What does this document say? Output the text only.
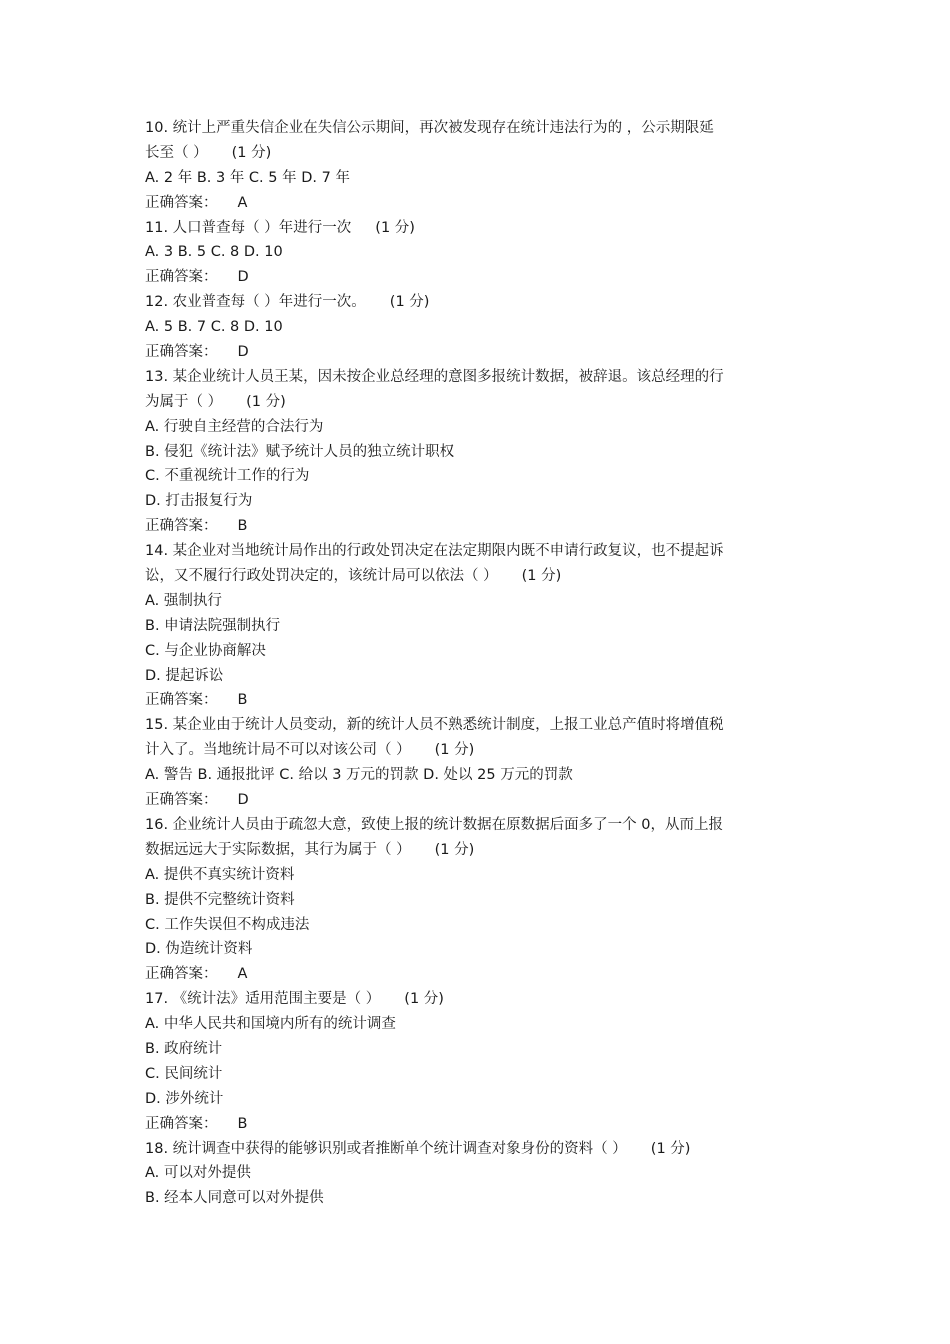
10. 统计上严重失信企业在失信公示期间，再次被发现存在统计违法行为的 ，公示期限延
长至（ ） (1 分)
A. 2 年 B. 3 年 C. 5 年 D. 7 年
正确答案： A
11. 人口普查每（ ）年进行一次 (1 分)
A. 3 B. 5 C. 8 D. 10
正确答案： D
12. 农业普查每（ ）年进行一次。 (1 分)
A. 5 B. 7 C. 8 D. 10
正确答案： D
13. 某企业统计人员王某，因未按企业总经理的意图多报统计数据，被辞退。该总经理的行
为属于（ ） (1 分)
A. 行驶自主经营的合法行为
B. 侵犯《统计法》赋予统计人员的独立统计职权
C. 不重视统计工作的行为
D. 打击报复行为
正确答案： B
14. 某企业对当地统计局作出的行政处罚决定在法定期限内既不申请行政复议，也不提起诉
讼，又不履行行政处罚决定的，该统计局可以依法（ ） (1 分)
A. 强制执行
B. 申请法院强制执行
C. 与企业协商解决
D. 提起诉讼
正确答案： B
15. 某企业由于统计人员变动，新的统计人员不熟悉统计制度，上报工业总产值时将增值税
计入了。当地统计局不可以对该公司（ ） (1 分)
A. 警告 B. 通报批评 C. 给以 3 万元的罚款 D. 处以 25 万元的罚款
正确答案： D
16. 企业统计人员由于疏忽大意，致使上报的统计数据在原数据后面多了一个 0，从而上报
数据远远大于实际数据，其行为属于（ ） (1 分)
A. 提供不真实统计资料
B. 提供不完整统计资料
C. 工作失误但不构成违法
D. 伪造统计资料
正确答案： A
17. 《统计法》适用范围主要是（ ） (1 分)
A. 中华人民共和国境内所有的统计调查
B. 政府统计
C. 民间统计
D. 涉外统计
正确答案： B
18. 统计调查中获得的能够识别或者推断单个统计调查对象身份的资料（ ） (1 分)
A. 可以对外提供
B. 经本人同意可以对外提供
